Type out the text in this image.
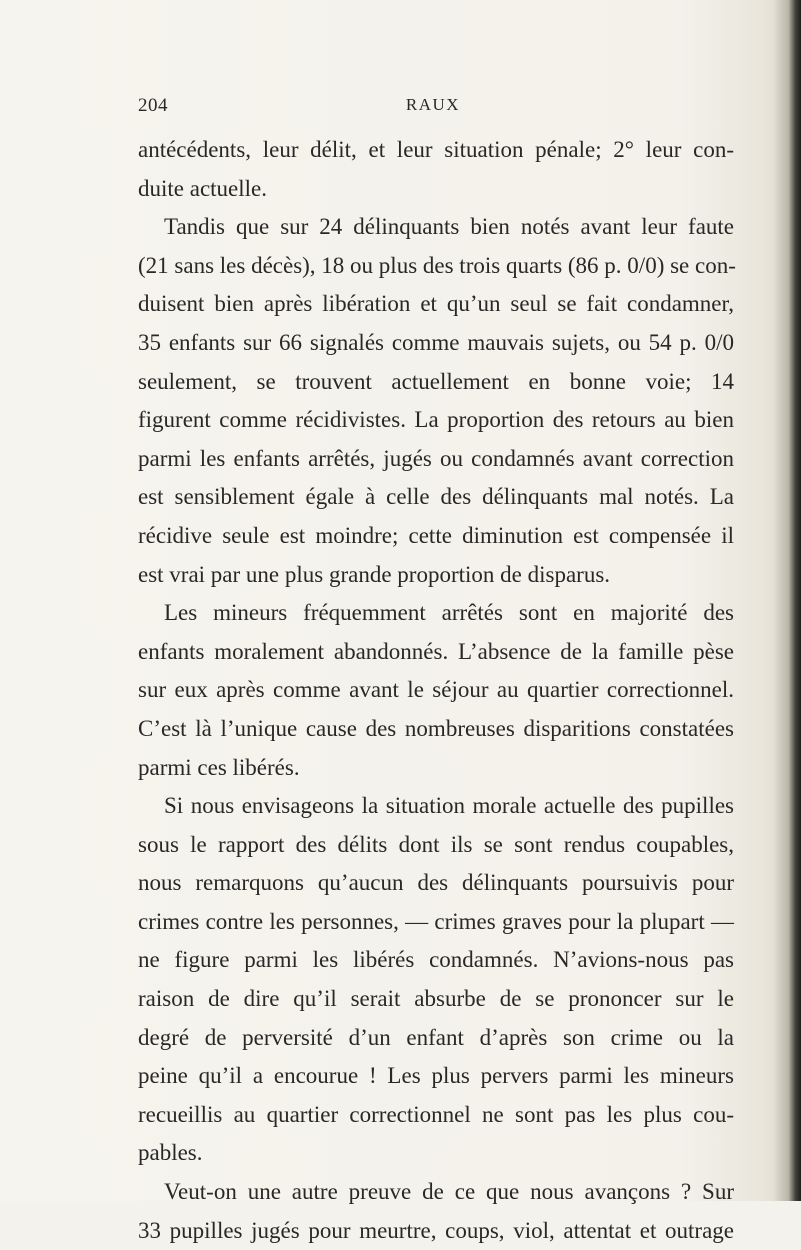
204	RAUX
antécédents, leur délit, et leur situation pénale; 2° leur con-
duite actuelle.
Tandis que sur 24 délinquants bien notés avant leur faute
(21 sans les décès), 18 ou plus des trois quarts (86 p. 0/0) se con-
duisent bien après libération et qu’un seul se fait condamner,
35 enfants sur 66 signalés comme mauvais sujets, ou 54 p. 0/0
seulement, se trouvent actuellement en bonne voie; 14
figurent comme récidivistes. La proportion des retours au bien
parmi les enfants arrêtés, jugés ou condamnés avant correction
est sensiblement égale à celle des délinquants mal notés. La
récidive seule est moindre; cette diminution est compensée il
est vrai par une plus grande proportion de disparus.
Les mineurs fréquemment arrêtés sont en majorité des
enfants moralement abandonnés. L’absence de la famille pèse
sur eux après comme avant le séjour au quartier correctionnel.
C’est là l’unique cause des nombreuses disparitions constatées
parmi ces libérés.
Si nous envisageons la situation morale actuelle des pupilles
sous le rapport des délits dont ils se sont rendus coupables,
nous remarquons qu’aucun des délinquants poursuivis pour
crimes contre les personnes, — crimes graves pour la plupart —
ne figure parmi les libérés condamnés. N’avions-nous pas
raison de dire qu’il serait absurbe de se prononcer sur le
degré de perversité d’un enfant d’après son crime ou la
peine qu’il a encourue ! Les plus pervers parmi les mineurs
recueillis au quartier correctionnel ne sont pas les plus cou-
pables.
Veut-on une autre preuve de ce que nous avançons ? Sur
33 pupilles jugés pour meurtre, coups, viol, attentat et outrage
